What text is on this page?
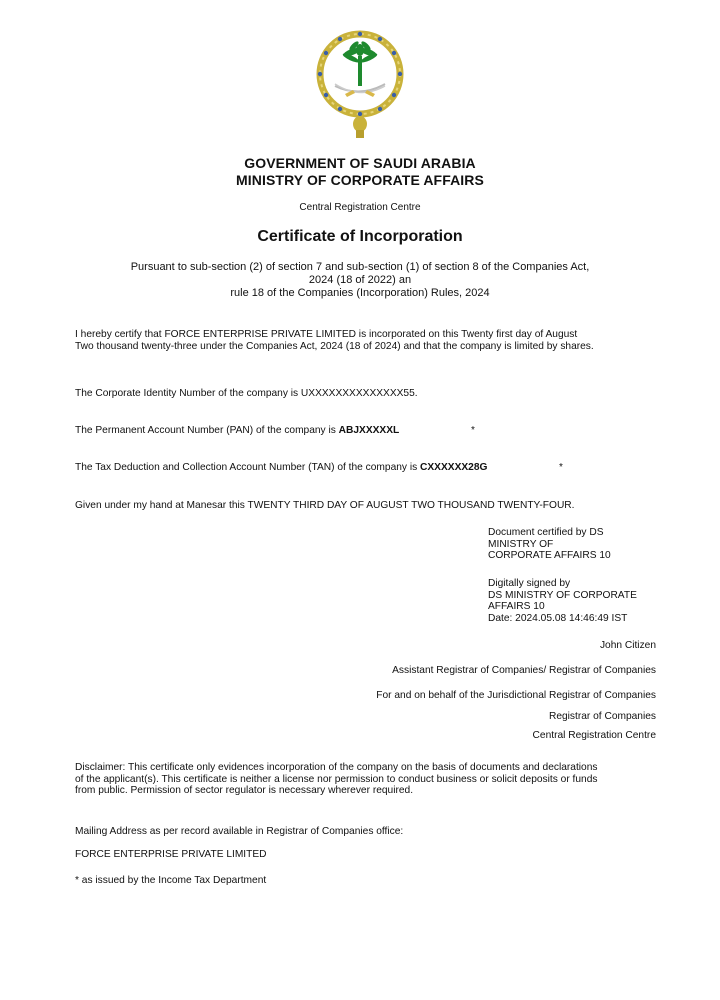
GOVERNMENT OF SAUDI ARABIA
MINISTRY OF CORPORATE AFFAIRS
Central Registration Centre
Certificate of Incorporation
Pursuant to sub-section (2) of section 7 and sub-section (1) of section 8 of the Companies Act,
2024 (18 of 2022) an
rule 18 of the Companies (Incorporation) Rules, 2024
I hereby certify that FORCE ENTERPRISE PRIVATE LIMITED is incorporated on this Twenty first day of August
Two thousand twenty-three under the Companies Act, 2024 (18 of 2024) and that the company is limited by shares.
The Corporate Identity Number of the company is UXXXXXXXXXXXXXX55.
The Permanent Account Number (PAN) of the company is ABJXXXXXL	*
The Tax Deduction and Collection Account Number (TAN) of the company is CXXXXXX28G	*
Given under my hand at Manesar this TWENTY THIRD DAY OF AUGUST TWO THOUSAND TWENTY-FOUR.
Document certified by DS
MINISTRY OF
CORPORATE AFFAIRS 10
Digitally signed by
DS MINISTRY OF CORPORATE
AFFAIRS 10
Date: 2024.05.08 14:46:49 IST
John Citizen
Assistant Registrar of Companies/ Registrar of Companies
For and on behalf of the Jurisdictional Registrar of Companies
Registrar of Companies
Central Registration Centre
Disclaimer: This certificate only evidences incorporation of the company on the basis of documents and declarations
of the applicant(s). This certificate is neither a license nor permission to conduct business or solicit deposits or funds
from public. Permission of sector regulator is necessary wherever required.
Mailing Address as per record available in Registrar of Companies office:
FORCE ENTERPRISE PRIVATE LIMITED
* as issued by the Income Tax Department
